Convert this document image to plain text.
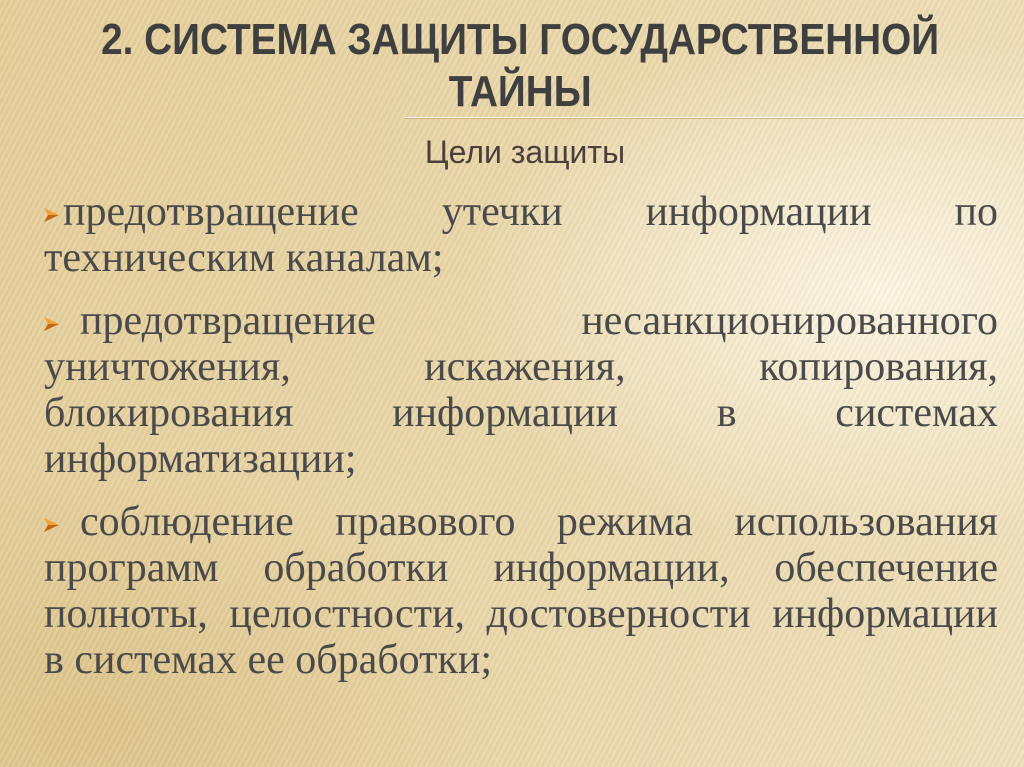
2. СИСТЕМА ЗАЩИТЫ ГОСУДАРСТВЕННОЙ
ТАЙНЫ
Цели защиты
предотвращение утечки информации по
техническим каналам;
предотвращение несанкционированного
уничтожения, искажения, копирования,
блокирования информации в системах
информатизации;
соблюдение правового режима использования
программ обработки информации, обеспечение
полноты, целостности, достоверности информации
в системах ее обработки;
